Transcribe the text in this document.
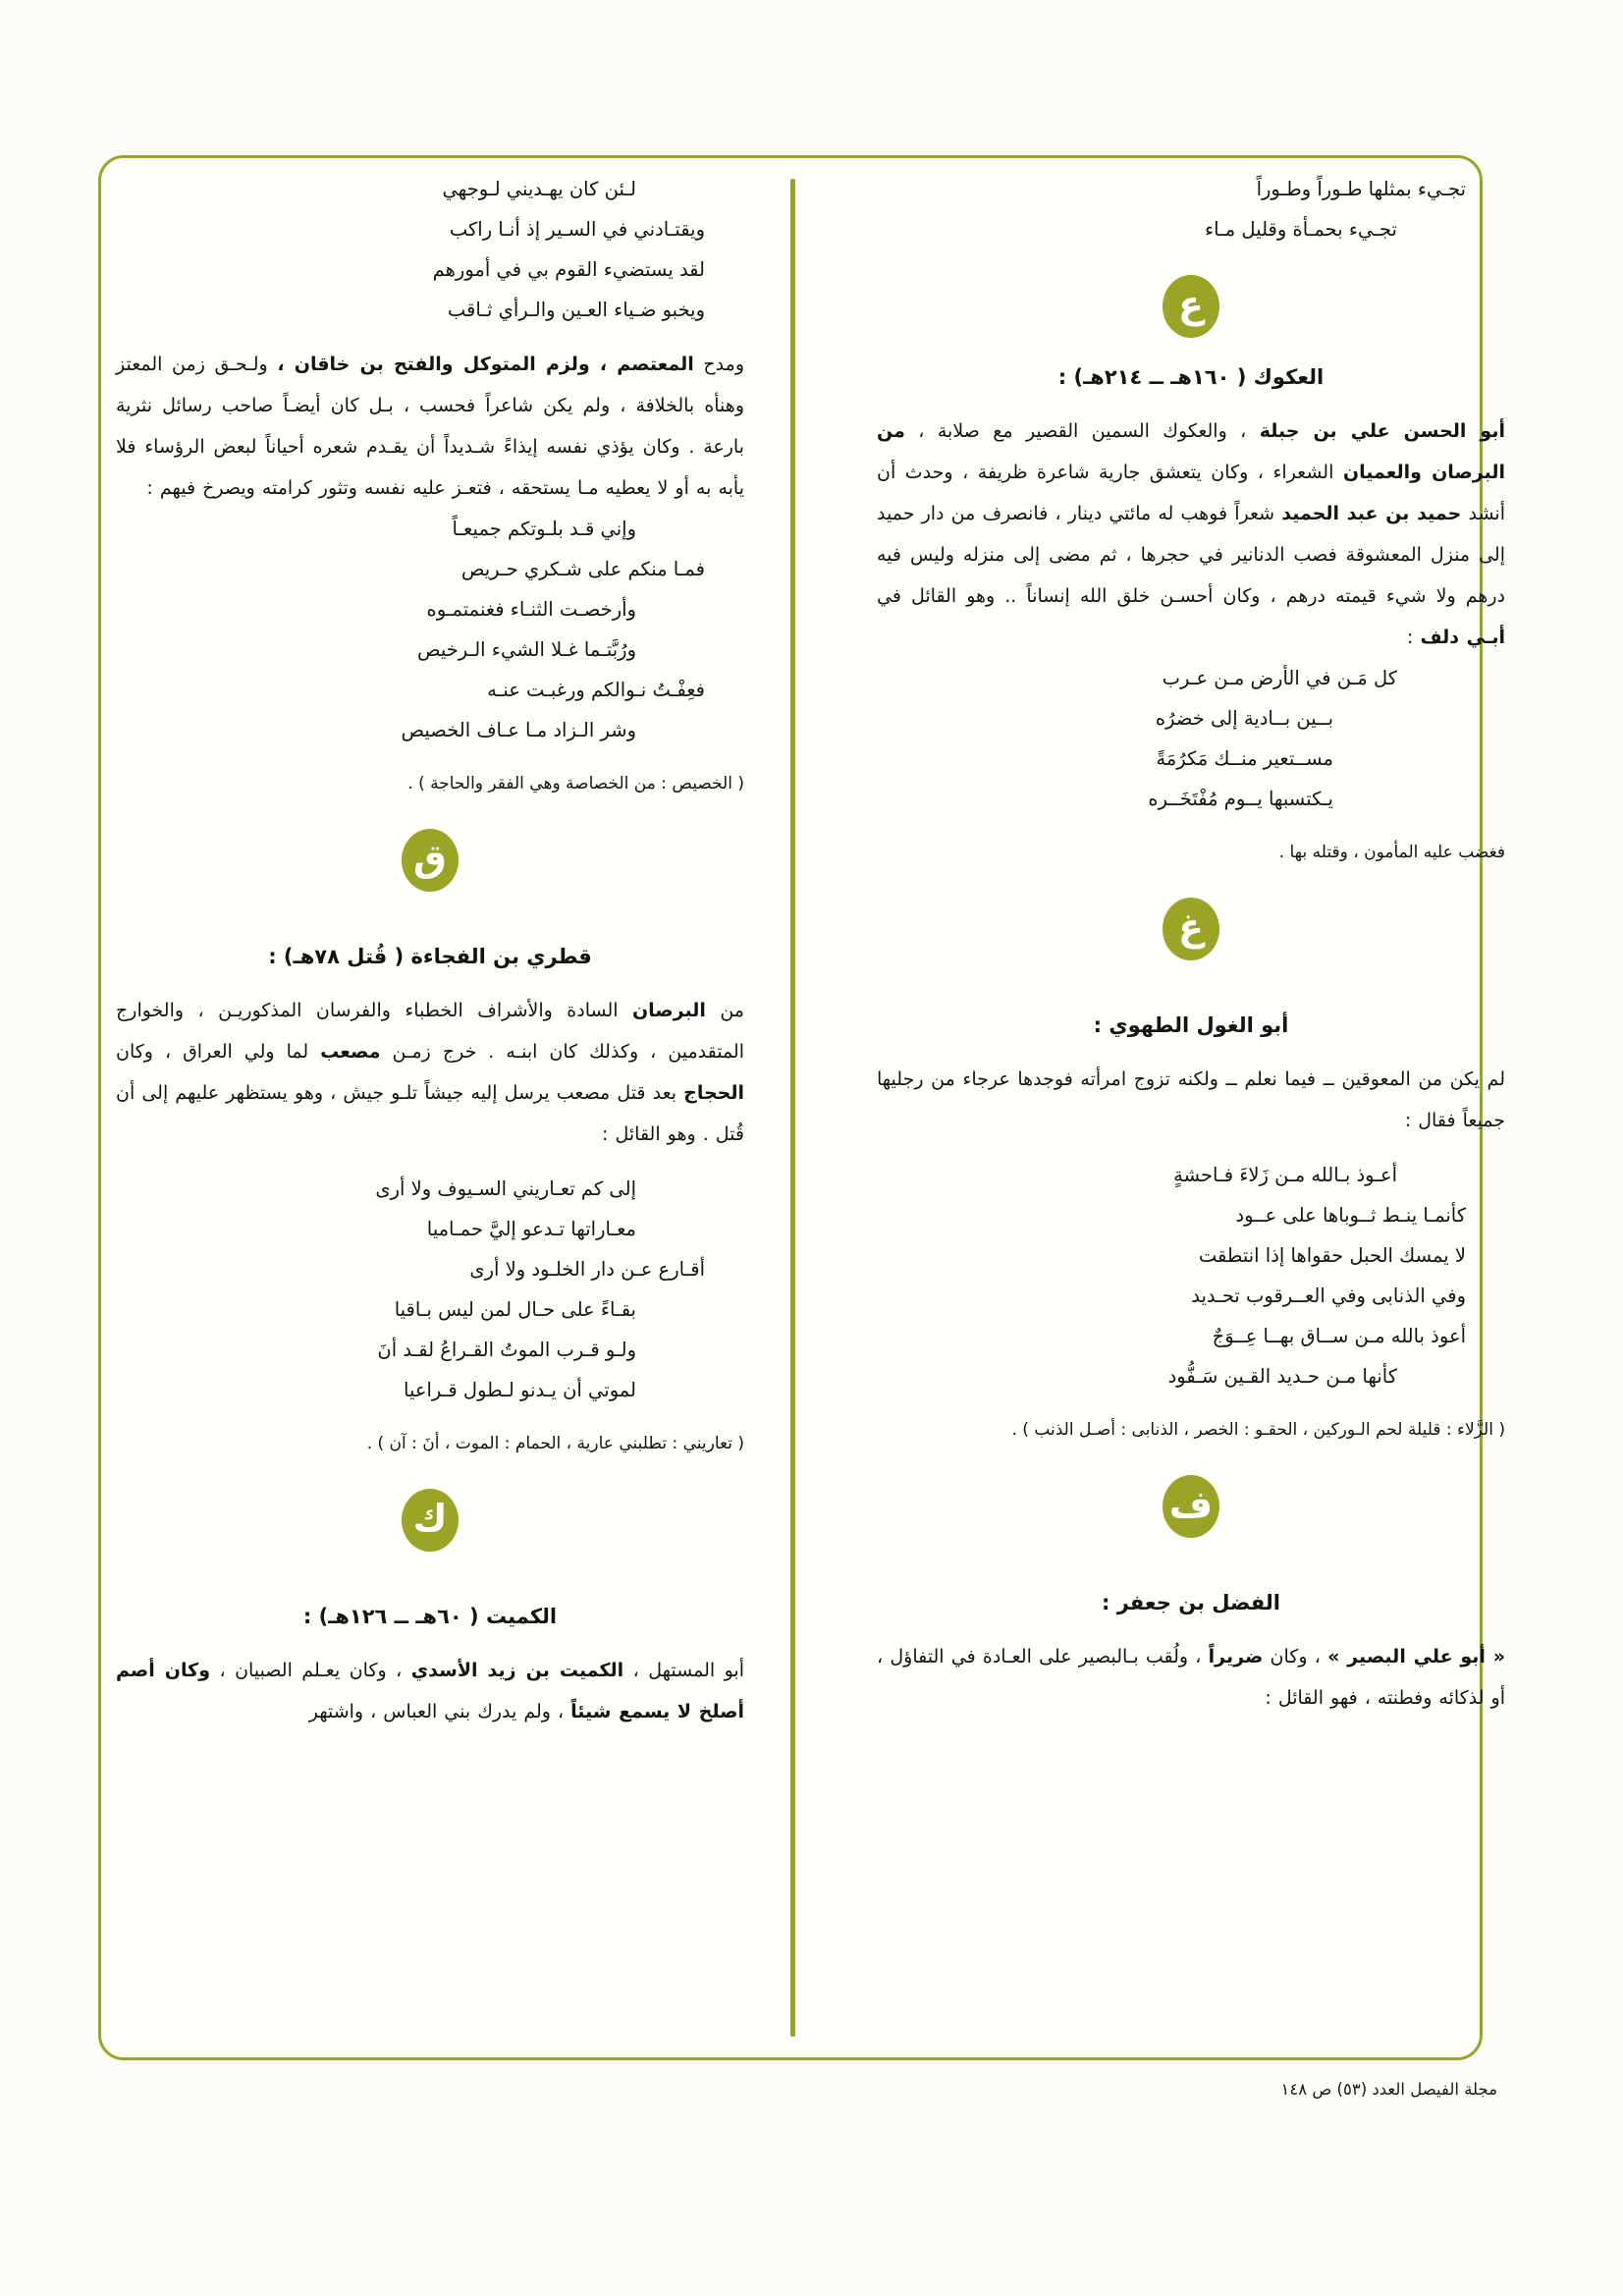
تجـيء بمثلها طـوراً وطـوراً

تجـيء بحمـأة وقليل مـاء

ع

العكوك ( ١٦٠هـ ــ ٢١٤هـ) :

أبو الحسن علي بن جبلة ، والعكوك السمين القصير مع صلابة ، من البرصان والعميان الشعراء ، وكان يتعشق جارية شاعرة ظريفة ، وحدث أن أنشد حميد بن عبد الحميد شعراً فوهب له مائتي دينار ، فانصرف من دار حميد إلى منزل المعشوقة فصب الدنانير في حجرها ، ثم مضى إلى منزله وليس فيه درهم ولا شيء قيمته درهم ، وكان أحسـن خلق الله إنساناً .. وهو القائل في أبـي دلف :

كل مَـن في الأرض مـن عـرب

بــين بــادية إلى خضرُه

مســتعير منــك مَكرُمَةً

يـكتسبها يــوم مُفْتَخَــره

فغضب عليه المأمون ، وقتله بها .

غ

أبو الغول الطهوي :

لم يكن من المعوقين ــ فيما نعلم ــ ولكنه تزوج امرأته فوجدها عرجاء من رجليها جميعاً فقال :

أعـوذ بـالله مـن زَلاءَ فـاحشةٍ

كأنمـا ينـط ثــوباها على عــود

لا يمسك الحبل حقواها إذا انتطقت

وفي الذنابى وفي العــرقوب تحـديد

أعوذ بالله مـن ســاق بهــا عِــوَجٌ

كأنها مـن حـديد القـين سَـفُّود

( الزَّلاء : قليلة لحم الـوركين ، الحقـو : الخصر ، الذنابى : أصـل الذنب ) .

ف

الفضل بن جعفر :

« أبو علي البصير » ، وكان ضريراً ، ولُقب بـالبصير على العـادة في التفاؤل ، أو لذكائه وفطنته ، فهو القائل :

لـئن كان يهـديني لـوجهي

ويقتـادني في السـير إذ أنـا راكب

لقد يستضيء القوم بي في أمورهم

ويخبو ضـياء العـين والـرأي ثـاقب

ومدح المعتصم ، ولزم المتوكل والفتح بن خاقان ، ولـحـق زمن المعتز وهنأه بالخلافة ، ولم يكن شاعراً فحسب ، بـل كان أيضـاً صاحب رسائل نثرية بارعة . وكان يؤذي نفسه إيذاءً شـديداً أن يقـدم شعره أحياناً لبعض الرؤساء فلا يأبه به أو لا يعطيه مـا يستحقه ، فتعـز عليه نفسه وتثور كرامته ويصرخ فيهم :

وإني قـد بلـوتكم جميعـاً

فمـا منكم على شـكري حـريص

وأرخصـت الثنـاء فغنمتمـوه

ورُبَّتـما غـلا الشيء الـرخيص

فعِفْـتُ نـوالكم ورغبـت عنـه

وشر الـزاد مـا عـاف الخصيص

( الخصيص : من الخصاصة وهي الفقر والحاجة ) .

ق

قطري بن الفجاءة ( قُتل ٧٨هـ) :

من البرصان السادة والأشراف الخطباء والفرسان المذكوريـن ، والخوارج المتقدمين ، وكذلك كان ابنـه . خرج زمـن مصعب لما ولي العراق ، وكان الحجاج بعد قتل مصعب يرسل إليه جيشاً تلـو جيش ، وهو يستظهر عليهم إلى أن قُتل . وهو القائل :

إلى كم تعـاريني السـيوف ولا أرى

معـاراتها تـدعو إليَّ حمـاميا

أقـارع عـن دار الخلـود ولا أرى

بقـاءً على حـال لمن ليس بـاقيا

ولـو قـرب الموتُ القـراعُ لقـد أنَ

لموتي أن يـدنو لـطول قـراعيا

( تعاريني : تطلبني عارية ، الحمام : الموت ، أنَ : آن ) .

ك

الكميت ( ٦٠هـ ــ ١٢٦هـ) :

أبو المستهل ، الكميت بن زيد الأسدي ، وكان يعـلم الصبيان ، وكان أصم أصلخ لا يسمع شيئاً ، ولم يدرك بني العباس ، واشتهر

مجلة الفيصل العدد (٥٣) ص ١٤٨
